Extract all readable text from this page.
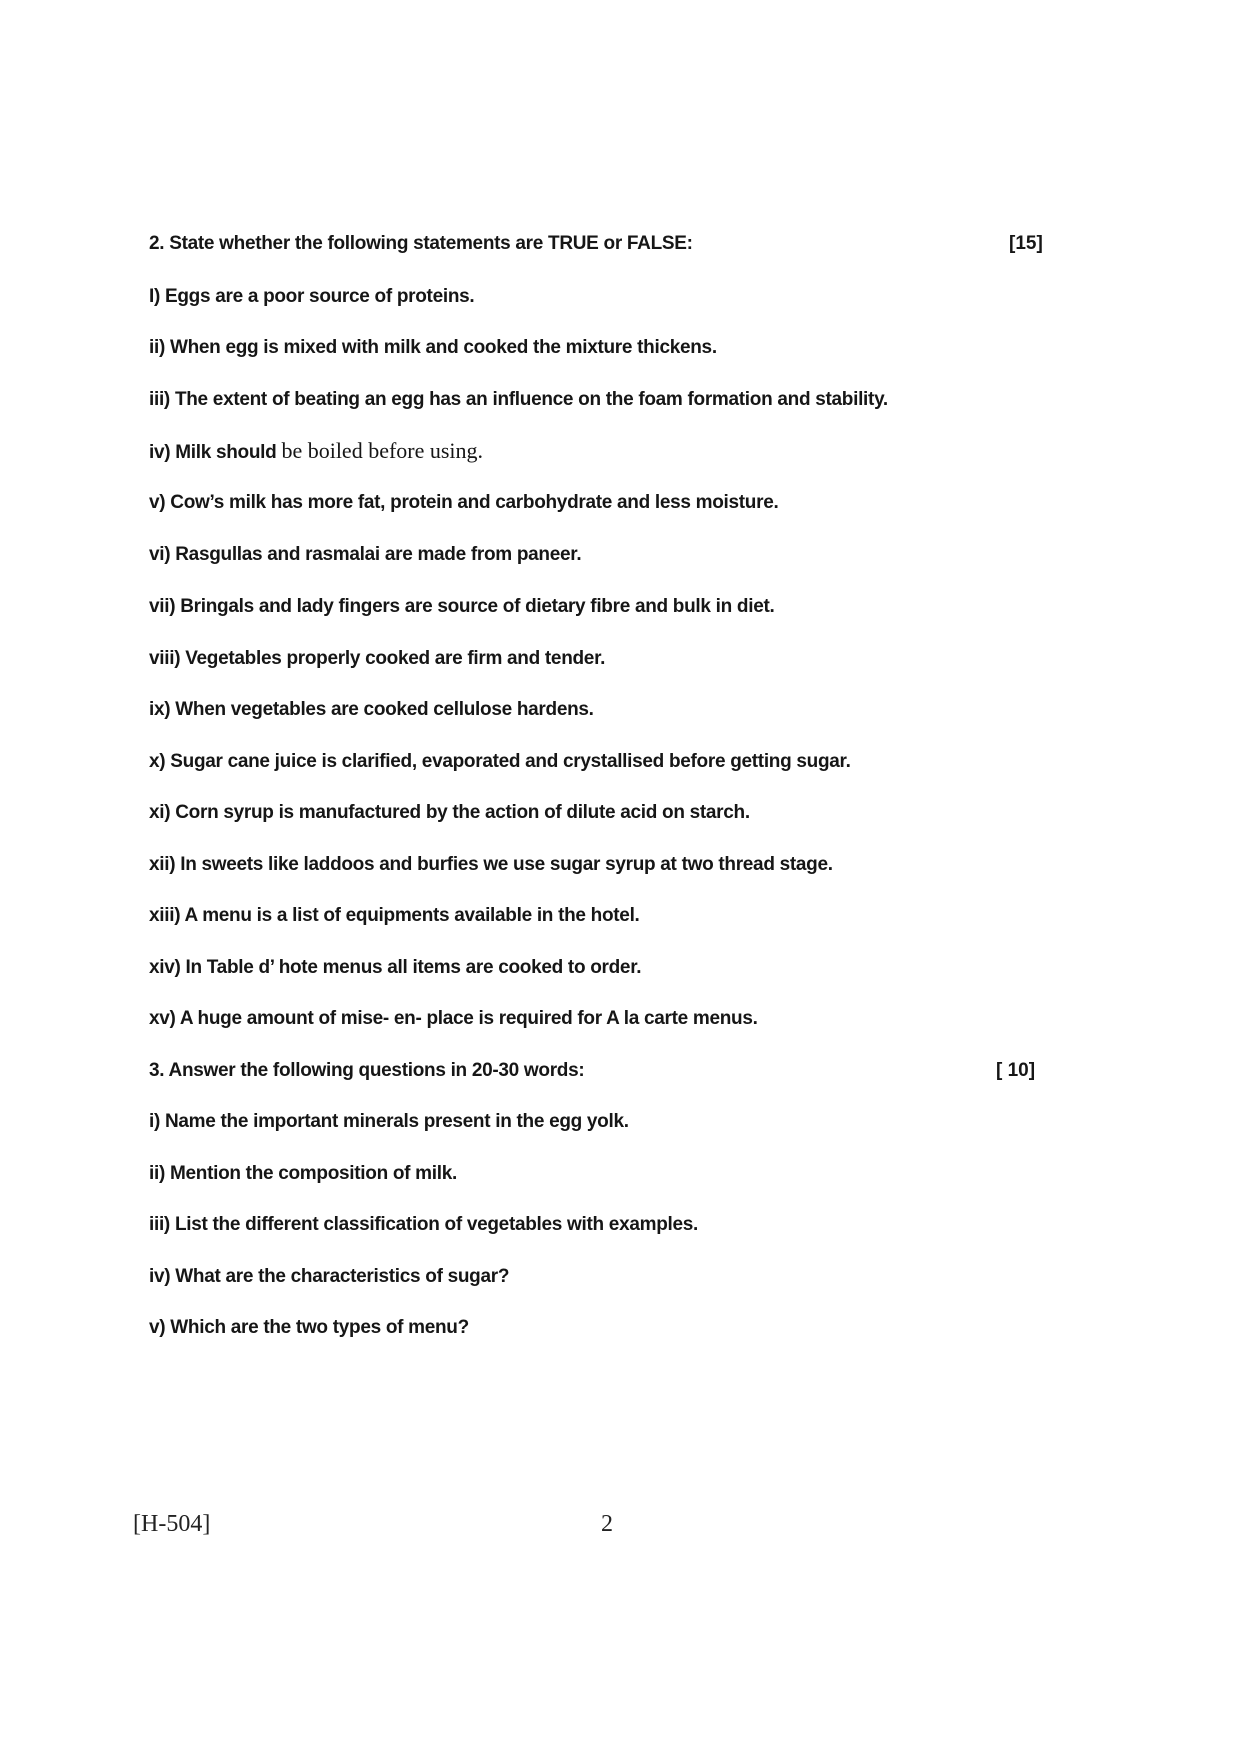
2. State whether the following statements are TRUE or FALSE:	[15]
I) Eggs are a poor source of proteins.
ii) When egg is mixed with milk and cooked the mixture thickens.
iii) The extent of beating an egg has an influence on the foam formation and stability.
iv) Milk should be boiled before using.
v) Cow’s milk has more fat, protein and carbohydrate and less moisture.
vi) Rasgullas and rasmalai are made from paneer.
vii) Bringals and lady fingers are source of dietary fibre and bulk in diet.
viii) Vegetables properly cooked are firm and tender.
ix) When vegetables are cooked cellulose hardens.
x) Sugar cane juice is clarified, evaporated and crystallised before getting sugar.
xi) Corn syrup is manufactured by the action of dilute acid on starch.
xii) In sweets like laddoos and burfies we use sugar syrup at two thread stage.
xiii) A menu is a list of equipments available in the hotel.
xiv) In Table d’ hote menus all items are cooked to order.
xv) A huge amount of mise- en- place is required for A la carte menus.
3. Answer the following questions in 20-30 words:	[ 10]
i) Name the important minerals present in the egg yolk.
ii) Mention the composition of milk.
iii) List the different classification of vegetables with examples.
iv) What are the characteristics of sugar?
v) Which are the two types of menu?
[H-504]	2
